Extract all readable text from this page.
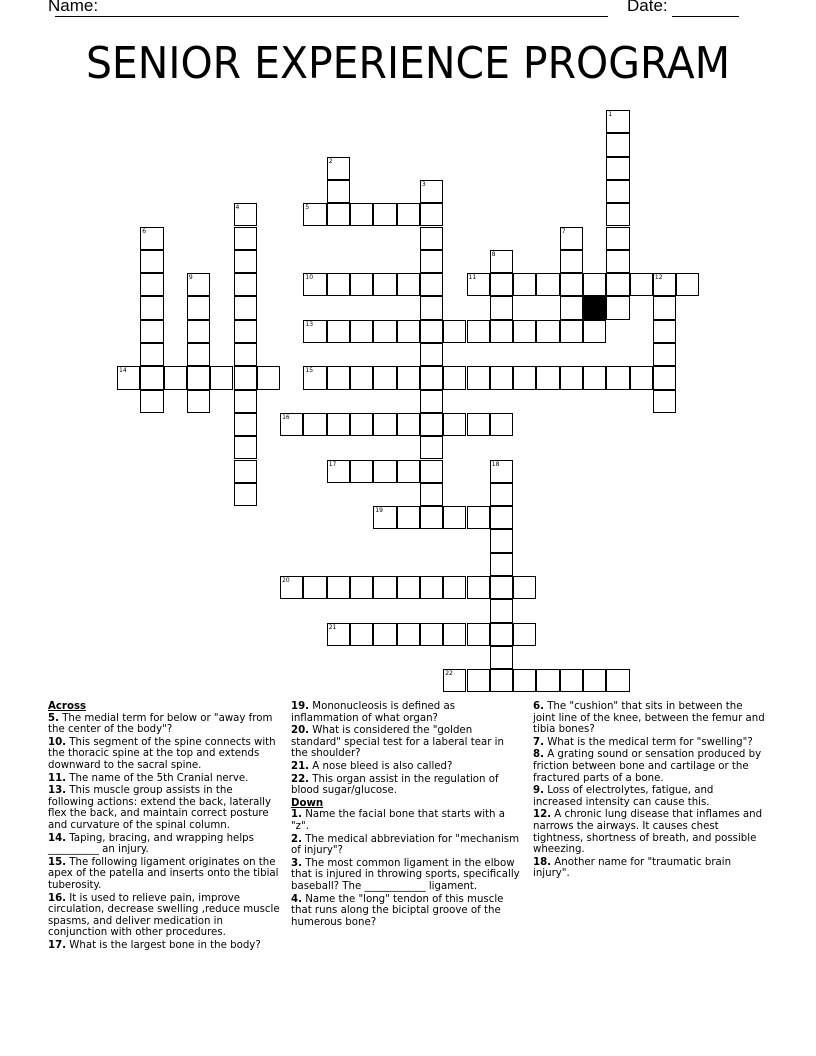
Name:	Date:
SENIOR EXPERIENCE PROGRAM
1
2
3
4	5
6	7
8
9	10	11	12
13
14	15
16
17	18
19
20
21
22
Across
5. The medial term for below or "away from the center of the body"?
10. This segment of the spine connects with the thoracic spine at the top and extends downward to the sacral spine.
11. The name of the 5th Cranial nerve.
13. This muscle group assists in the following actions: extend the back, laterally flex the back, and maintain correct posture and curvature of the spinal column.
14. Taping, bracing, and wrapping helps __________ an injury.
15. The following ligament originates on the apex of the patella and inserts onto the tibial tuberosity.
16. It is used to relieve pain, improve circulation, decrease swelling ,reduce muscle spasms, and deliver medication in conjunction with other procedures.
17. What is the largest bone in the body?
19. Mononucleosis is defined as inflammation of what organ?
20. What is considered the "golden standard" special test for a laberal tear in the shoulder?
21. A nose bleed is also called?
22. This organ assist in the regulation of blood sugar/glucose.
Down
1. Name the facial bone that starts with a "z".
2. The medical abbreviation for "mechanism of injury"?
3. The most common ligament in the elbow that is injured in throwing sports, specifically baseball? The ____________ ligament.
4. Name the "long" tendon of this muscle that runs along the biciptal groove of the humerous bone?
6. The "cushion" that sits in between the joint line of the knee, between the femur and tibia bones?
7. What is the medical term for "swelling"?
8. A grating sound or sensation produced by friction between bone and cartilage or the fractured parts of a bone.
9. Loss of electrolytes, fatigue, and increased intensity can cause this.
12. A chronic lung disease that inflames and narrows the airways. It causes chest tightness, shortness of breath, and possible wheezing.
18. Another name for "traumatic brain injury".
